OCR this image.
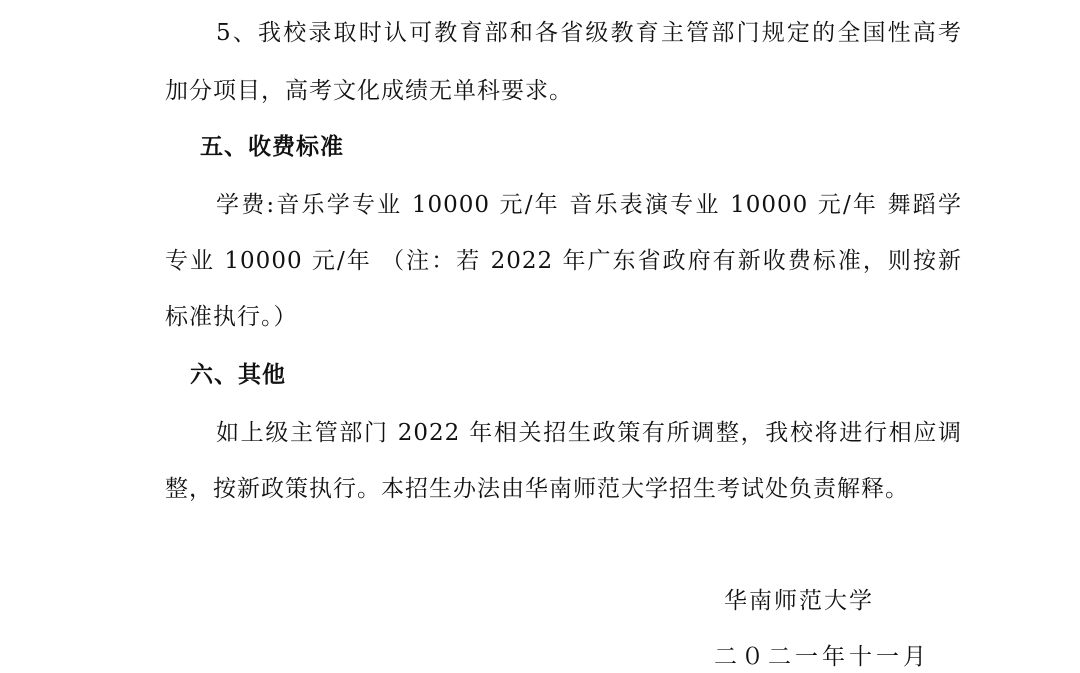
5、我校录取时认可教育部和各省级教育主管部门规定的全国性高考
加分项目，高考文化成绩无单科要求。
五、收费标准
学费:音乐学专业 10000 元/年 音乐表演专业 10000 元/年 舞蹈学
专业 10000 元/年 （注：若 2022 年广东省政府有新收费标准，则按新
标准执行。）
六、其他
如上级主管部门 2022 年相关招生政策有所调整，我校将进行相应调
整，按新政策执行。本招生办法由华南师范大学招生考试处负责解释。
华南师范大学
二０二一年十一月
